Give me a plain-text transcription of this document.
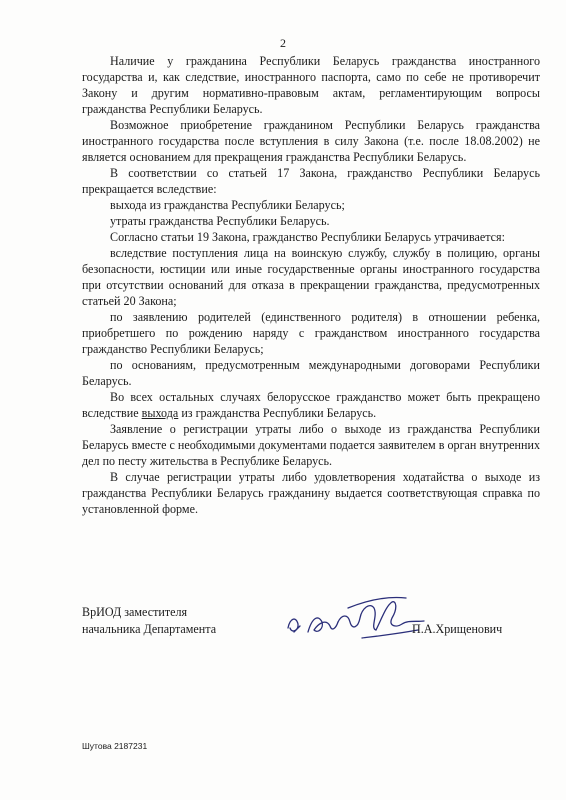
2

Наличие у гражданина Республики Беларусь гражданства иностранного государства и, как следствие, иностранного паспорта, само по себе не противоречит Закону и другим нормативно-правовым актам, регламентирующим вопросы гражданства Республики Беларусь.

Возможное приобретение гражданином Республики Беларусь гражданства иностранного государства после вступления в силу Закона (т.е. после 18.08.2002) не является основанием для прекращения гражданства Республики Беларусь.

В соответствии со статьей 17 Закона, гражданство Республики Беларусь прекращается вследствие:

выхода из гражданства Республики Беларусь;

утраты гражданства Республики Беларусь.

Согласно статьи 19 Закона, гражданство Республики Беларусь утрачивается:

вследствие поступления лица на воинскую службу, службу в полицию, органы безопасности, юстиции или иные государственные органы иностранного государства при отсутствии оснований для отказа в прекращении гражданства, предусмотренных статьей 20 Закона;

по заявлению родителей (единственного родителя) в отношении ребенка, приобретшего по рождению наряду с гражданством иностранного государства гражданство Республики Беларусь;

по основаниям, предусмотренным международными договорами Республики Беларусь.

Во всех остальных случаях белорусское гражданство может быть прекращено вследствие выхода из гражданства Республики Беларусь.

Заявление о регистрации утраты либо о выходе из гражданства Республики Беларусь вместе с необходимыми документами подается заявителем в орган внутренних дел по песту жительства в Республике Беларусь.

В случае регистрации утраты либо удовлетворения ходатайства о выходе из гражданства Республики Беларусь гражданину выдается соответствующая справка по установленной форме.

ВрИОД заместителя
начальника Департамента	П.А.Хрищенович
Шутова 2187231
